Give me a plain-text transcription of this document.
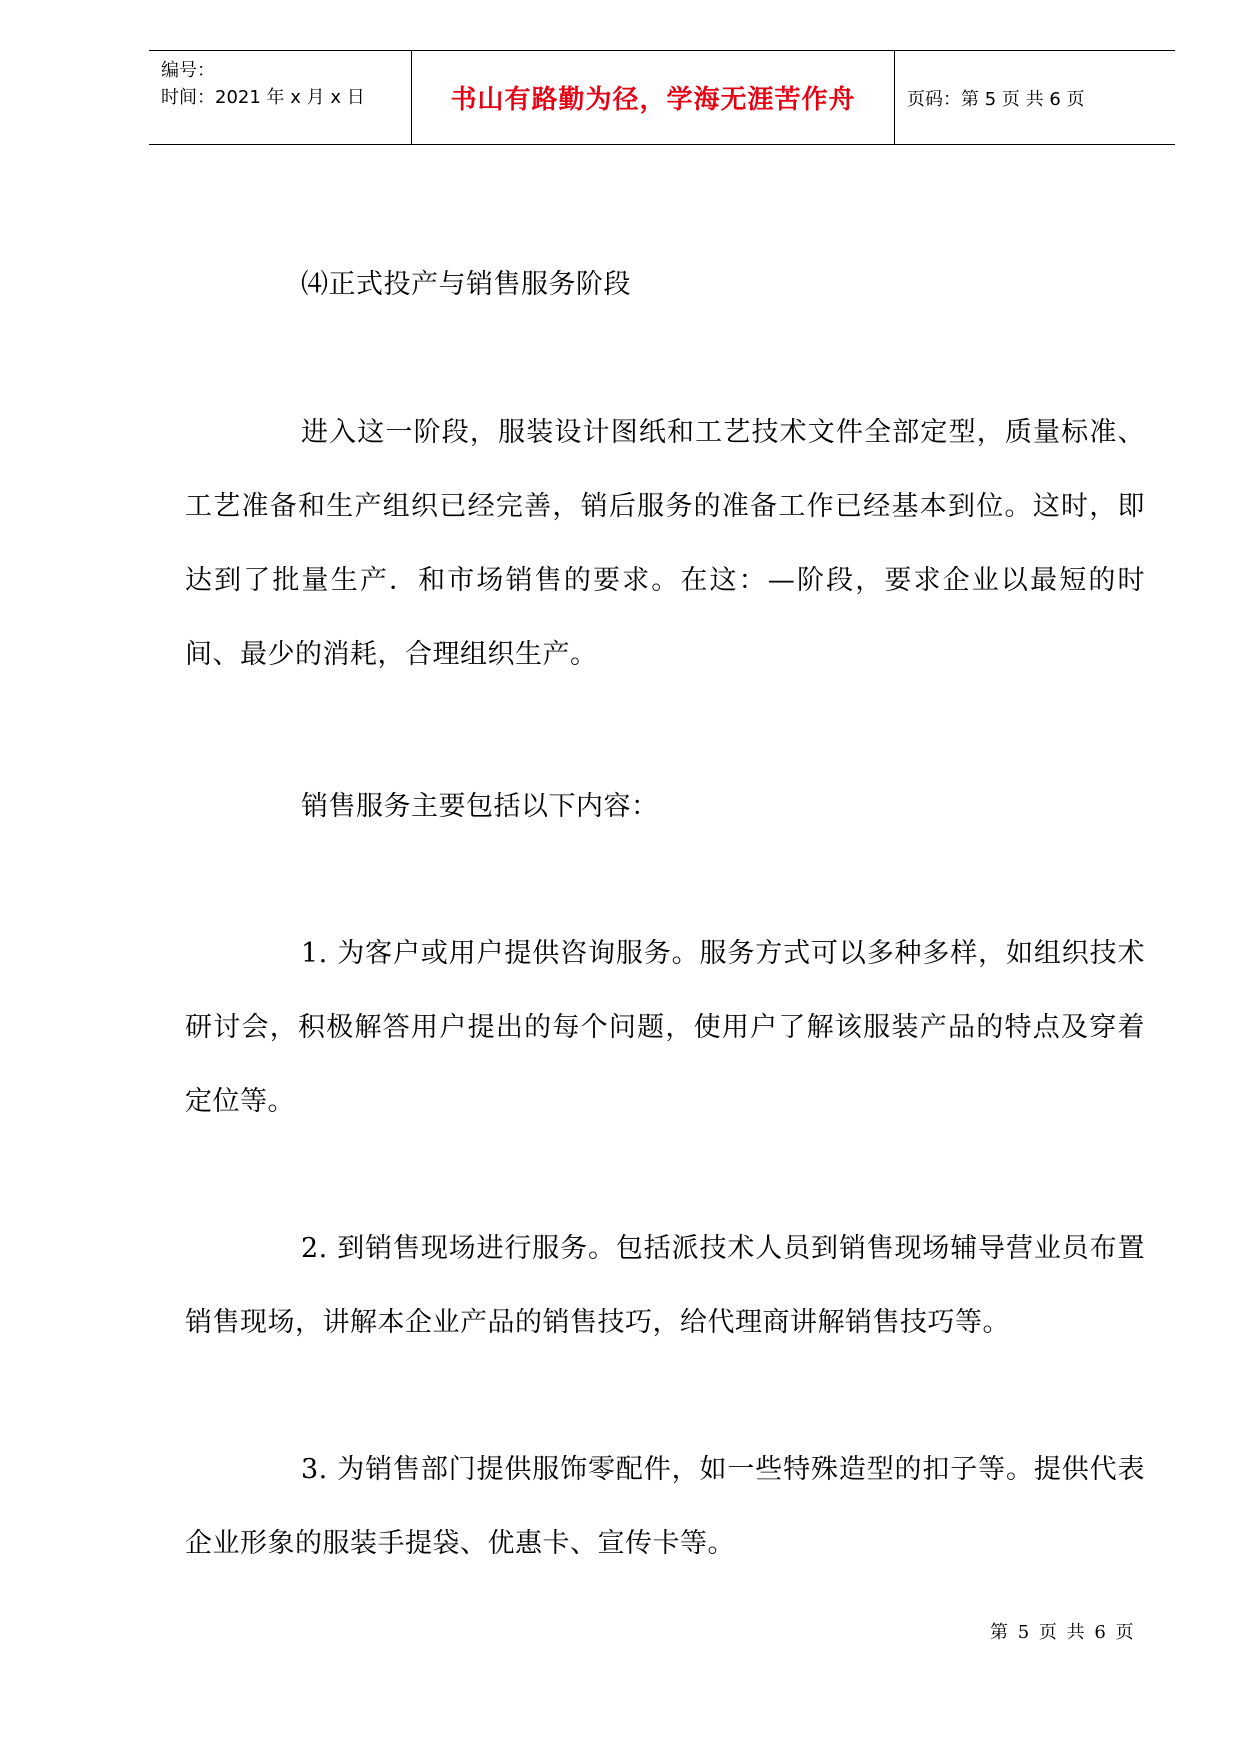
编号：
时间：2021 年 x 月 x 日	书山有路勤为径，学海无涯苦作舟	页码：第 5 页 共 6 页

⑷正式投产与销售服务阶段

进入这一阶段，服装设计图纸和工艺技术文件全部定型，质量标准、工艺准备和生产组织已经完善，销后服务的准备工作已经基本到位。这时，即达到了批量生产．和市场销售的要求。在这：—阶段，要求企业以最短的时间、最少的消耗，合理组织生产。

销售服务主要包括以下内容：

1. 为客户或用户提供咨询服务。服务方式可以多种多样，如组织技术研讨会，积极解答用户提出的每个问题，使用户了解该服装产品的特点及穿着定位等。

2. 到销售现场进行服务。包括派技术人员到销售现场辅导营业员布置销售现场，讲解本企业产品的销售技巧，给代理商讲解销售技巧等。

3. 为销售部门提供服饰零配件，如一些特殊造型的扣子等。提供代表企业形象的服装手提袋、优惠卡、宣传卡等。

第 5 页 共 6 页
